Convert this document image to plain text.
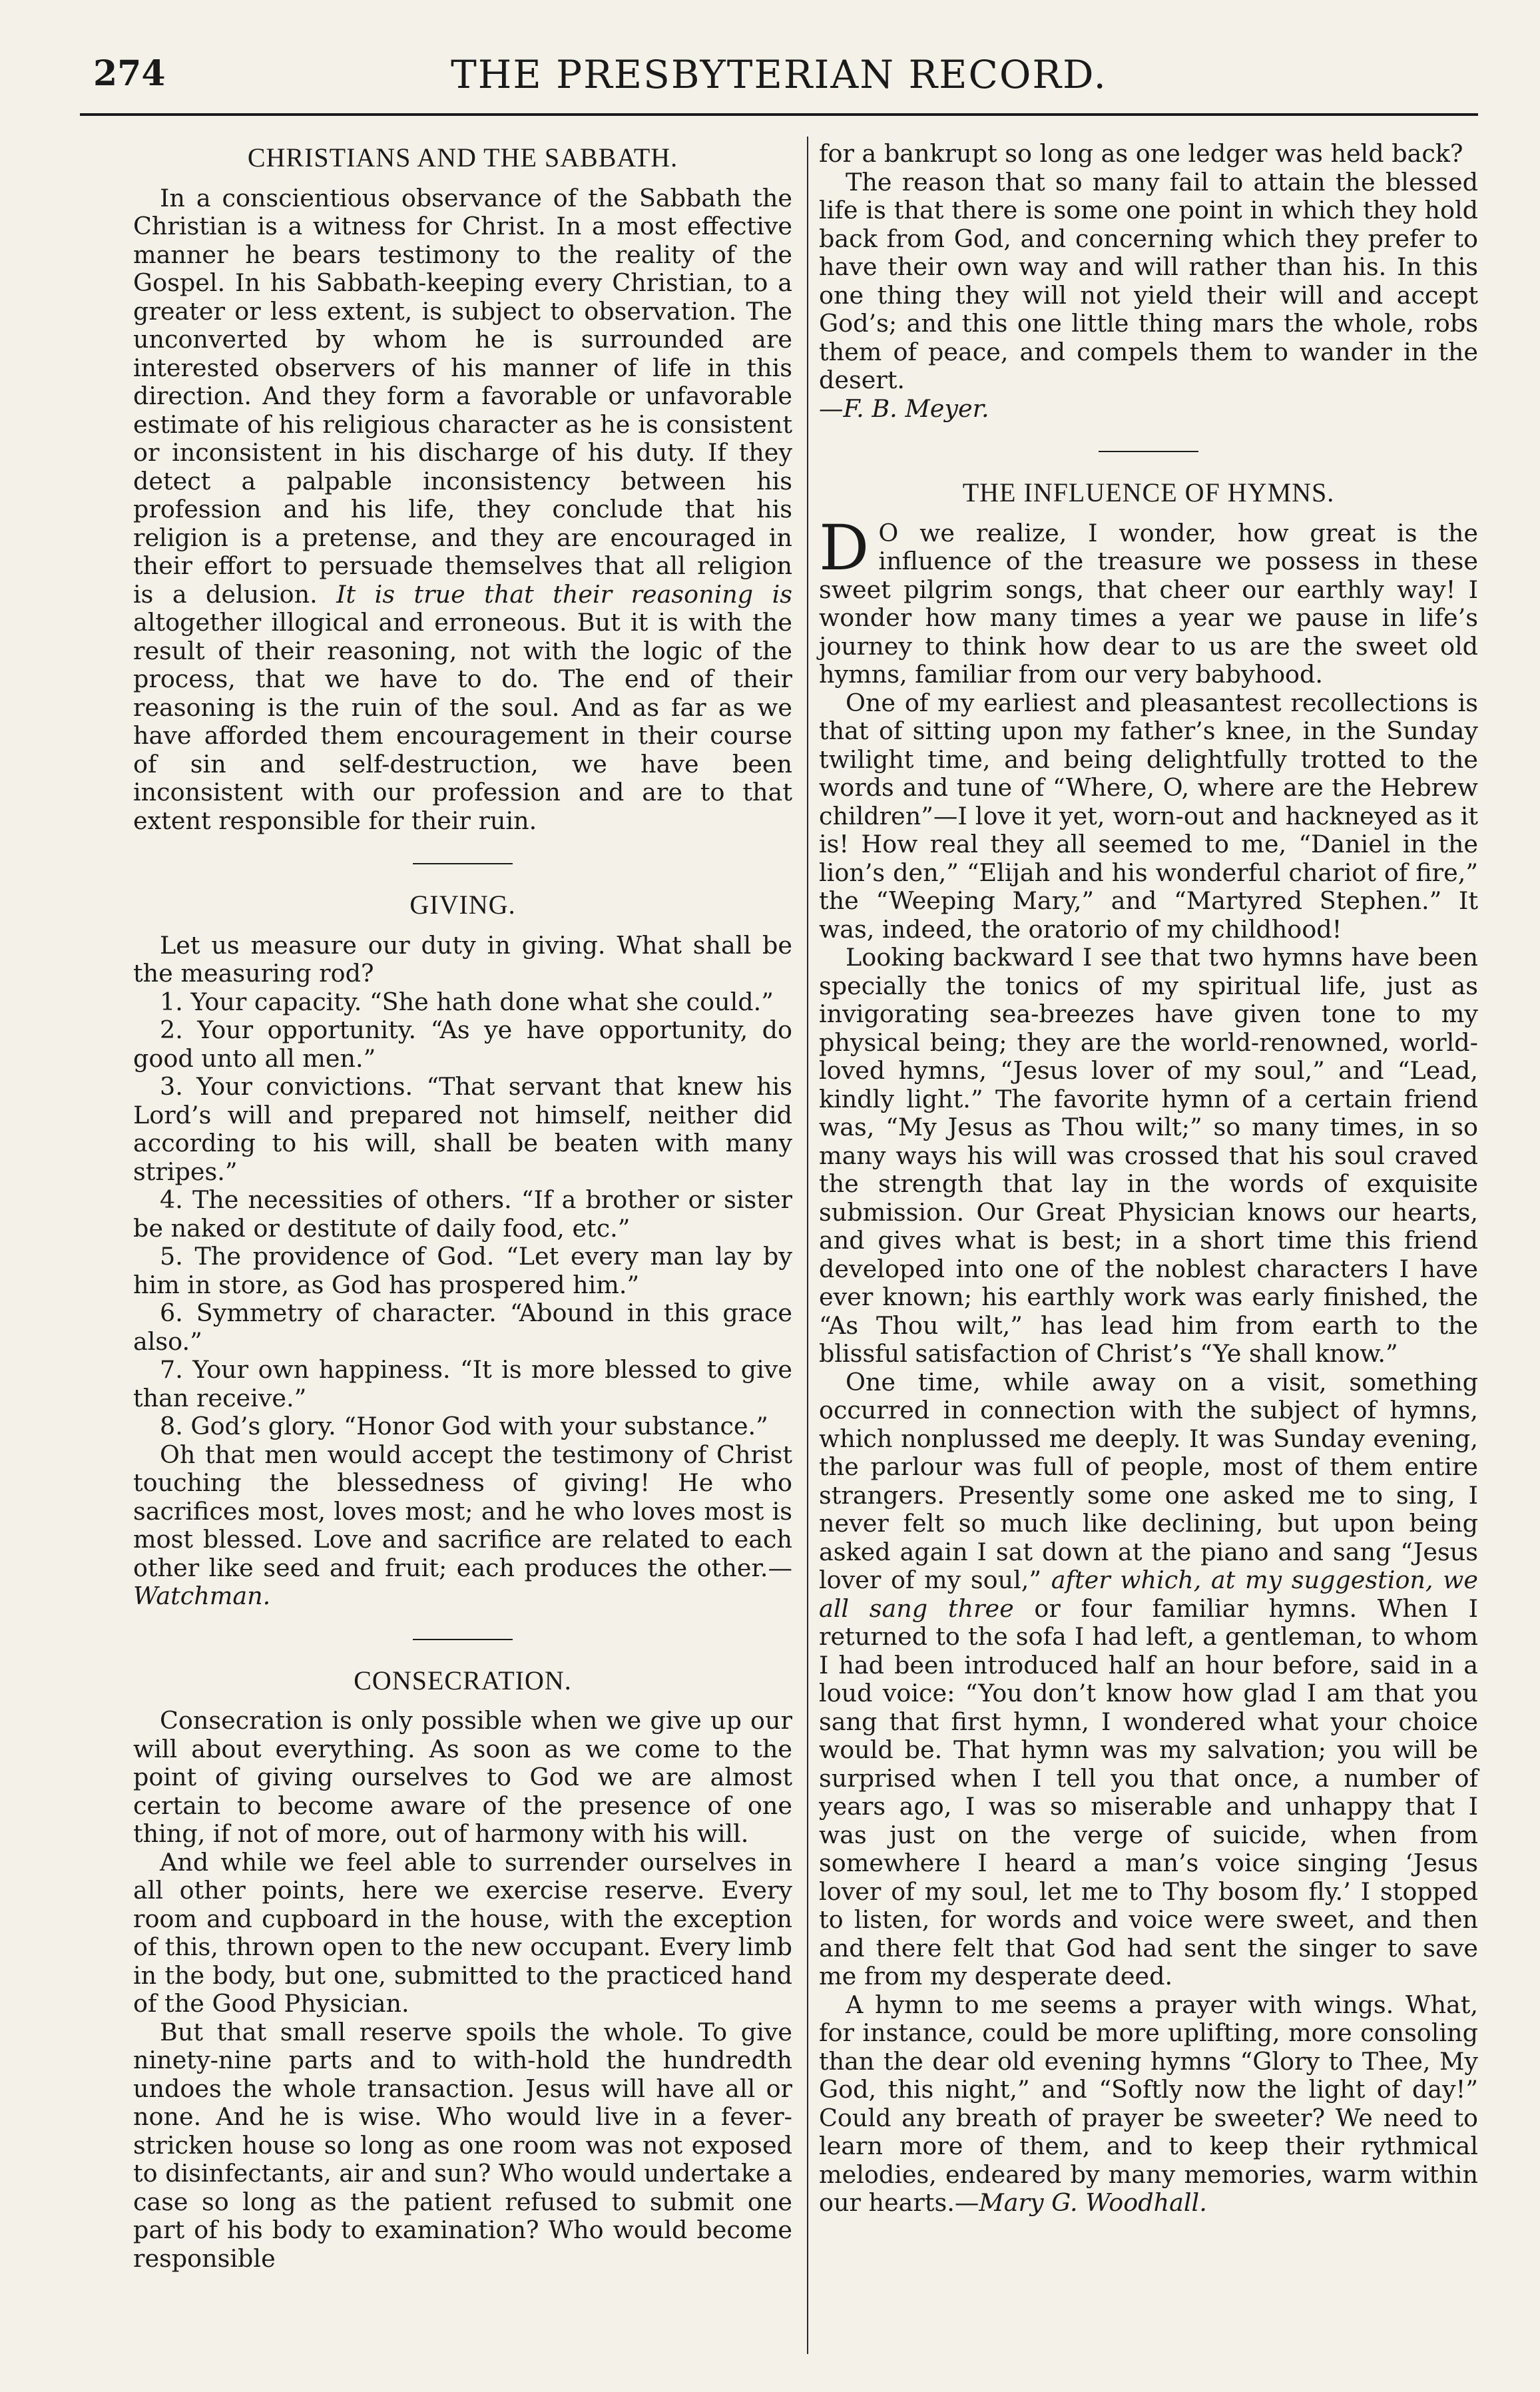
274	THE PRESBYTERIAN RECORD.
CHRISTIANS AND THE SABBATH.

In a conscientious observance of the Sabbath the Christian is a witness for Christ. In a most effective manner he bears testimony to the reality of the Gospel. In his Sabbath-keeping every Christian, to a greater or less extent, is subject to observation. The unconverted by whom he is surrounded are interested observers of his manner of life in this direction. And they form a favorable or unfavorable estimate of his religious character as he is consistent or inconsistent in his discharge of his duty. If they detect a palpable inconsistency between his profession and his life, they conclude that his religion is a pretense, and they are encouraged in their effort to persuade themselves that all religion is a delusion. It is true that their reasoning is altogether illogical and erroneous. But it is with the result of their reasoning, not with the logic of the process, that we have to do. The end of their reasoning is the ruin of the soul. And as far as we have afforded them encouragement in their course of sin and self-destruction, we have been inconsistent with our profession and are to that extent responsible for their ruin.

GIVING.

Let us measure our duty in giving. What shall be the measuring rod?

1. Your capacity. “She hath done what she could.”

2. Your opportunity. “As ye have opportunity, do good unto all men.”

3. Your convictions. “That servant that knew his Lord’s will and prepared not himself, neither did according to his will, shall be beaten with many stripes.”

4. The necessities of others. “If a brother or sister be naked or destitute of daily food, etc.”

5. The providence of God. “Let every man lay by him in store, as God has prospered him.”

6. Symmetry of character. “Abound in this grace also.”

7. Your own happiness. “It is more blessed to give than receive.”

8. God’s glory. “Honor God with your substance.”

Oh that men would accept the testimony of Christ touching the blessedness of giving! He who sacrifices most, loves most; and he who loves most is most blessed. Love and sacrifice are related to each other like seed and fruit; each produces the other.—Watchman.

CONSECRATION.

Consecration is only possible when we give up our will about everything. As soon as we come to the point of giving ourselves to God we are almost certain to become aware of the presence of one thing, if not of more, out of harmony with his will.

And while we feel able to surrender ourselves in all other points, here we exercise reserve. Every room and cupboard in the house, with the exception of this, thrown open to the new occupant. Every limb in the body, but one, submitted to the practiced hand of the Good Physician.

But that small reserve spoils the whole. To give ninety-nine parts and to with-hold the hundredth undoes the whole transaction. Jesus will have all or none. And he is wise. Who would live in a fever-stricken house so long as one room was not exposed to disinfectants, air and sun? Who would undertake a case so long as the patient refused to submit one part of his body to examination? Who would become responsible

for a bankrupt so long as one ledger was held back?

The reason that so many fail to attain the blessed life is that there is some one point in which they hold back from God, and concerning which they prefer to have their own way and will rather than his. In this one thing they will not yield their will and accept God’s; and this one little thing mars the whole, robs them of peace, and compels them to wander in the desert.

—F. B. Meyer.

THE INFLUENCE OF HYMNS.

D O we realize, I wonder, how great is the influence of the treasure we possess in these sweet pilgrim songs, that cheer our earthly way! I wonder how many times a year we pause in life’s journey to think how dear to us are the sweet old hymns, familiar from our very babyhood.

One of my earliest and pleasantest recollections is that of sitting upon my father’s knee, in the Sunday twilight time, and being delightfully trotted to the words and tune of “Where, O, where are the Hebrew children”—I love it yet, worn-out and hackneyed as it is! How real they all seemed to me, “Daniel in the lion’s den,” “Elijah and his wonderful chariot of fire,” the “Weeping Mary,” and “Martyred Stephen.” It was, indeed, the oratorio of my childhood!

Looking backward I see that two hymns have been specially the tonics of my spiritual life, just as invigorating sea-breezes have given tone to my physical being; they are the world-renowned, world-loved hymns, “Jesus lover of my soul,” and “Lead, kindly light.” The favorite hymn of a certain friend was, “My Jesus as Thou wilt;” so many times, in so many ways his will was crossed that his soul craved the strength that lay in the words of exquisite submission. Our Great Physician knows our hearts, and gives what is best; in a short time this friend developed into one of the noblest characters I have ever known; his earthly work was early finished, the “As Thou wilt,” has lead him from earth to the blissful satisfaction of Christ’s “Ye shall know.”

One time, while away on a visit, something occurred in connection with the subject of hymns, which nonplussed me deeply. It was Sunday evening, the parlour was full of people, most of them entire strangers. Presently some one asked me to sing, I never felt so much like declining, but upon being asked again I sat down at the piano and sang “Jesus lover of my soul,” after which, at my suggestion, we all sang three or four familiar hymns. When I returned to the sofa I had left, a gentleman, to whom I had been introduced half an hour before, said in a loud voice: “You don’t know how glad I am that you sang that first hymn, I wondered what your choice would be. That hymn was my salvation; you will be surprised when I tell you that once, a number of years ago, I was so miserable and unhappy that I was just on the verge of suicide, when from somewhere I heard a man’s voice singing ‘Jesus lover of my soul, let me to Thy bosom fly.’ I stopped to listen, for words and voice were sweet, and then and there felt that God had sent the singer to save me from my desperate deed.

A hymn to me seems a prayer with wings. What, for instance, could be more uplifting, more consoling than the dear old evening hymns “Glory to Thee, My God, this night,” and “Softly now the light of day!” Could any breath of prayer be sweeter? We need to learn more of them, and to keep their rythmical melodies, endeared by many memories, warm within our hearts.—Mary G. Woodhall.
